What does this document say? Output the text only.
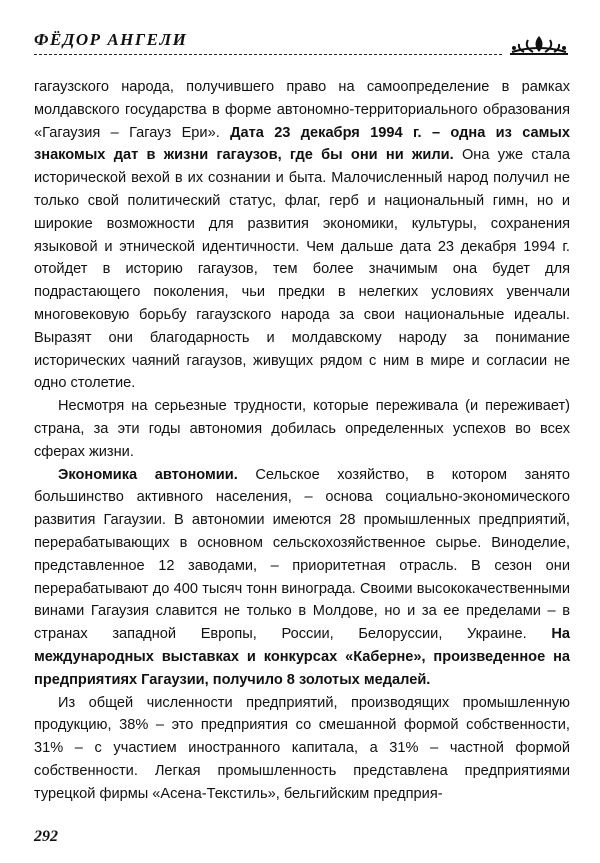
ФЁДОР АНГЕЛИ

гагаузского народа, получившего право на самоопределение в рамках молдавского государства в форме автономно-территориального образования «Гагаузия – Гагауз Ери». Дата 23 декабря 1994 г. – одна из самых знакомых дат в жизни гагаузов, где бы они ни жили. Она уже стала исторической вехой в их сознании и быта. Малочисленный народ получил не только свой политический статус, флаг, герб и национальный гимн, но и широкие возможности для развития экономики, культуры, сохранения языковой и этнической идентичности. Чем дальше дата 23 декабря 1994 г. отойдет в историю гагаузов, тем более значимым она будет для подрастающего поколения, чьи предки в нелегких условиях увенчали многовековую борьбу гагаузского народа за свои национальные идеалы. Выразят они благодарность и молдавскому народу за понимание исторических чаяний гагаузов, живущих рядом с ним в мире и согласии не одно столетие.

Несмотря на серьезные трудности, которые переживала (и переживает) страна, за эти годы автономия добилась определенных успехов во всех сферах жизни.

Экономика автономии. Сельское хозяйство, в котором занято большинство активного населения, – основа социально-экономического развития Гагаузии. В автономии имеются 28 промышленных предприятий, перерабатывающих в основном сельскохозяйственное сырье. Виноделие, представленное 12 заводами, – приоритетная отрасль. В сезон они перерабатывают до 400 тысяч тонн винограда. Своими высококачественными винами Гагаузия славится не только в Молдове, но и за ее пределами – в странах западной Европы, России, Белоруссии, Украине. На международных выставках и конкурсах «Каберне», произведенное на предприятиях Гагаузии, получило 8 золотых медалей.

Из общей численности предприятий, производящих промышленную продукцию, 38% – это предприятия со смешанной формой собственности, 31% – с участием иностранного капитала, а 31% – частной формой собственности. Легкая промышленность представлена предприятиями турецкой фирмы «Асена-Текстиль», бельгийским предприя-

292
